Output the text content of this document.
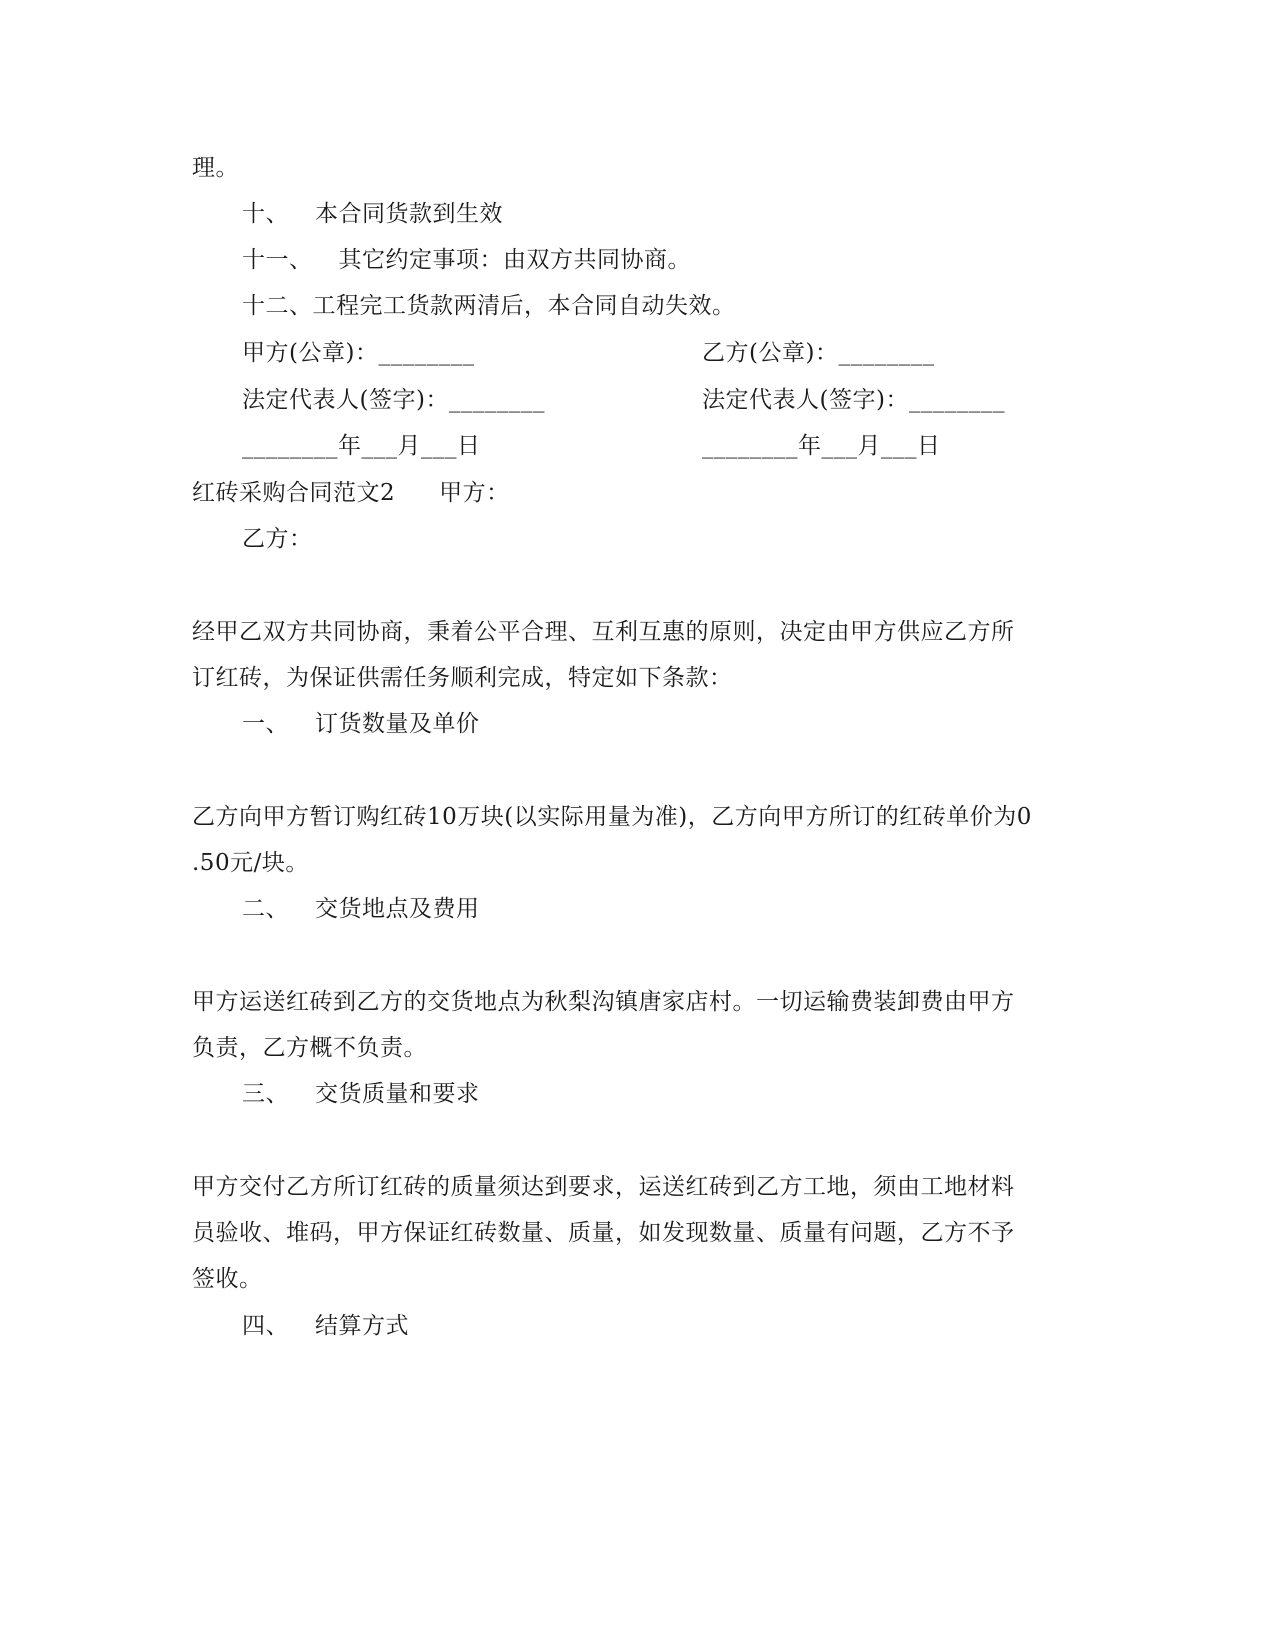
理。
十、 本合同货款到生效
十一、 其它约定事项：由双方共同协商。
十二、工程完工货款两清后，本合同自动失效。
甲方(公章)：________	乙方(公章)：________
法定代表人(签字)：________	法定代表人(签字)：________
________年___月___日	________年___月___日
红砖采购合同范文2 甲方：
乙方：
经甲乙双方共同协商，秉着公平合理、互利互惠的原则，决定由甲方供应乙方所
订红砖，为保证供需任务顺利完成，特定如下条款：
一、 订货数量及单价
乙方向甲方暂订购红砖10万块(以实际用量为准)，乙方向甲方所订的红砖单价为0
.50元/块。
二、 交货地点及费用
甲方运送红砖到乙方的交货地点为秋梨沟镇唐家店村。一切运输费装卸费由甲方
负责，乙方概不负责。
三、 交货质量和要求
甲方交付乙方所订红砖的质量须达到要求，运送红砖到乙方工地，须由工地材料
员验收、堆码，甲方保证红砖数量、质量，如发现数量、质量有问题，乙方不予
签收。
四、 结算方式
